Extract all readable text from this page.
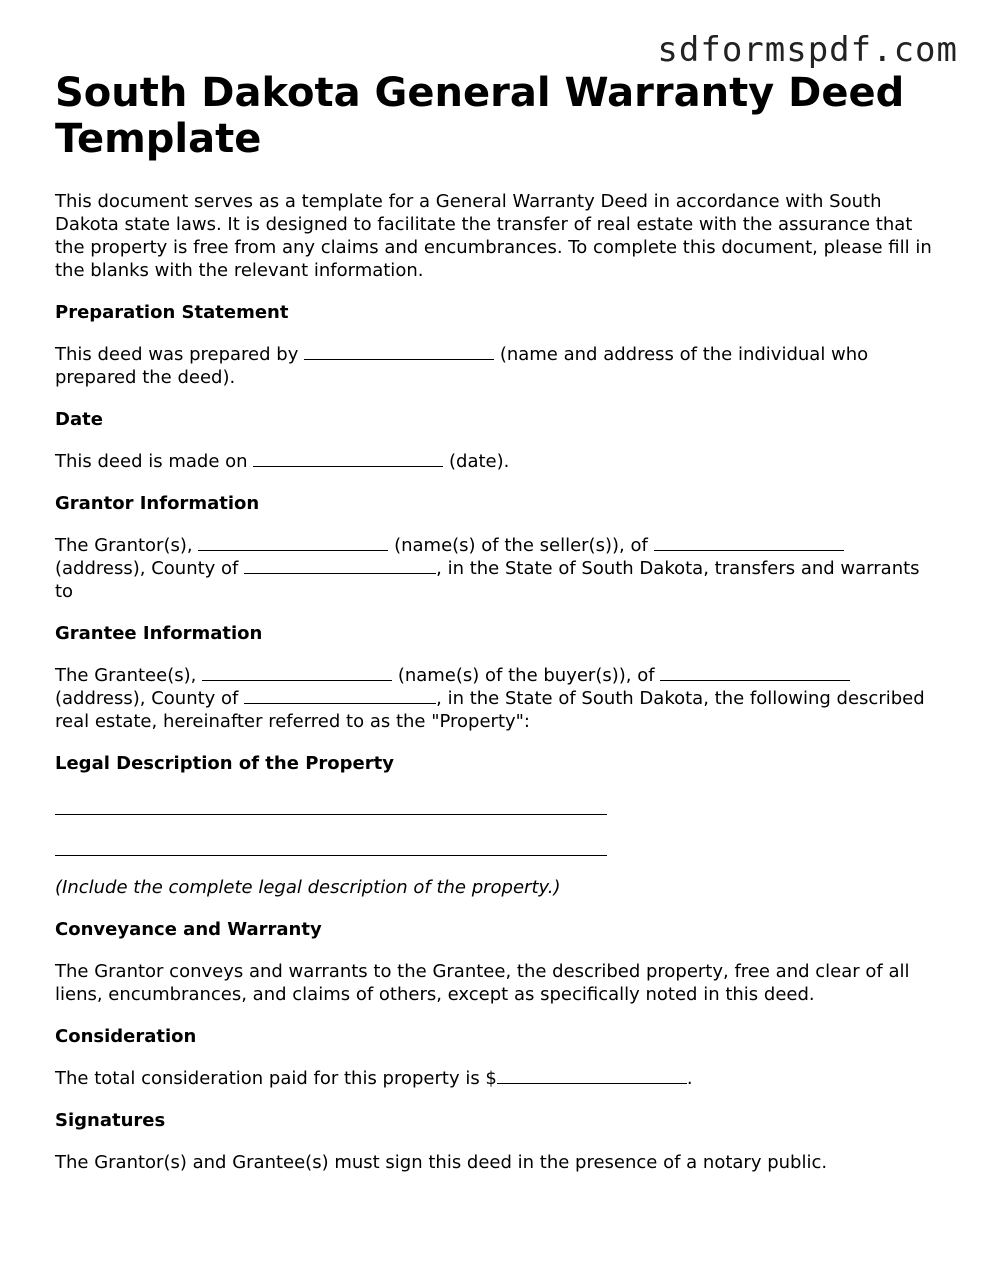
sdformspdf.com
South Dakota General Warranty Deed Template

This document serves as a template for a General Warranty Deed in accordance with South Dakota state laws. It is designed to facilitate the transfer of real estate with the assurance that the property is free from any claims and encumbrances. To complete this document, please fill in the blanks with the relevant information.

Preparation Statement

This deed was prepared by	(name and address of the individual who prepared the deed).

Date

This deed is made on	(date).

Grantor Information

The Grantor(s),	(name(s) of the seller(s)), of  (address), County of	, in the State of South Dakota, transfers and warrants to

Grantee Information

The Grantee(s),	(name(s) of the buyer(s)), of  (address), County of	, in the State of South Dakota, the following described real estate, hereinafter referred to as the "Property":

Legal Description of the Property

(Include the complete legal description of the property.)

Conveyance and Warranty

The Grantor conveys and warrants to the Grantee, the described property, free and clear of all liens, encumbrances, and claims of others, except as specifically noted in this deed.

Consideration

The total consideration paid for this property is $	.

Signatures

The Grantor(s) and Grantee(s) must sign this deed in the presence of a notary public.
